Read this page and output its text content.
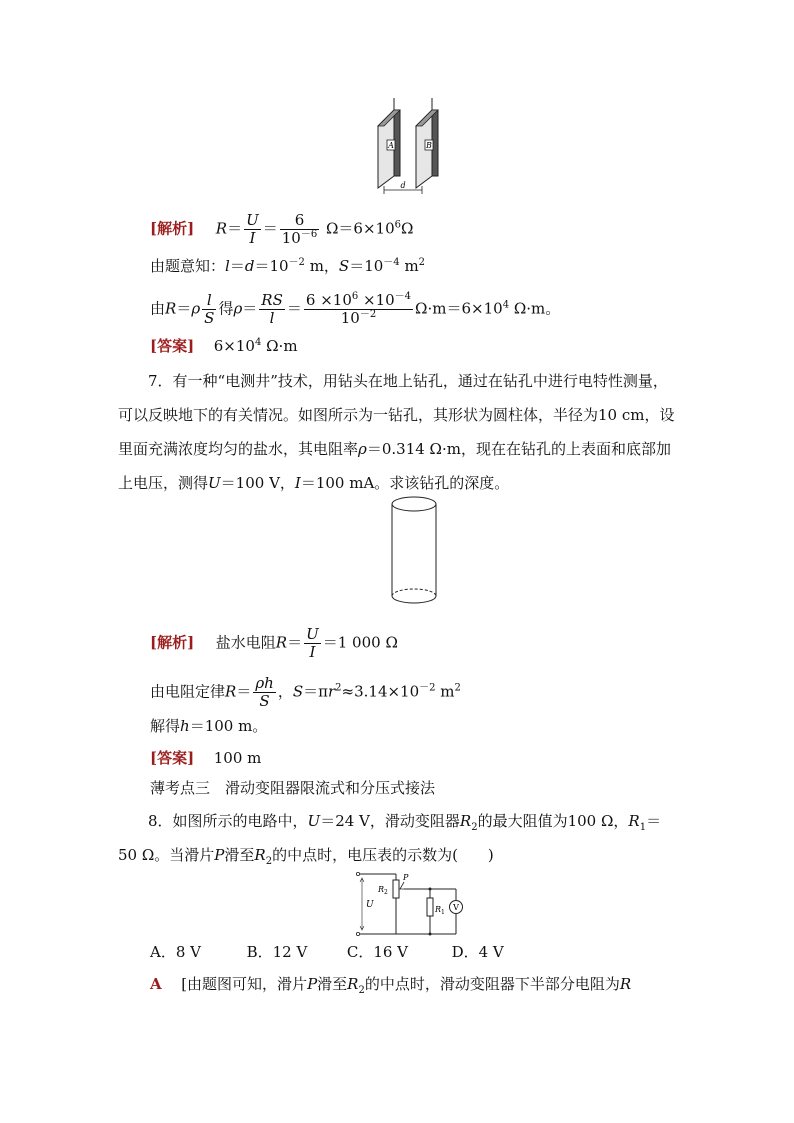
A	B
d
[解析] $R= \frac{U}{I} = \frac{6}{10^{-6}} \Omega=6\times 10^6\Omega$
由题意知：$l=d=10^{-2}$ m，$S=10^{-4}$ $m^2$
由$R=\rho \frac{l}{S}$ 得$\rho= \frac{RS}{l} = \frac{6 \times 10^6 \times 10^{-4}}{10^{-2}} \Omega\cdot m=6\times 10^4$ Ω·m。
[答案] $6\times 10^4$ Ω·m
7．有一种“电测井”技术，用钻头在地上钻孔，通过在钻孔中进行电特性测量，可以反映地下的有关情况。如图所示为一钻孔，其形状为圆柱体，半径为10 cm，设里面充满浓度均匀的盐水，其电阻率ρ＝0.314 Ω·m，现在在钻孔的上表面和底部加上电压，测得U＝100 V，I＝100 mA。求该钻孔的深度。
[解析] 盐水电阻$R= \frac{U}{I} =1$ 000 Ω
由电阻定律$R= \frac{\rho h}{S}$ ，$S=\pi r^2\approx 3.14\times 10^{-2}$ $m^2$
解得h＝100 m。
[答案] 100 m
薄考点三　滑动变阻器限流式和分压式接法
8．如图所示的电路中，U＝24 V，滑动变阻器$R_2$的最大阻值为100 Ω，$R_1=50$ Ω。当滑片P滑至$R_2$的中点时，电压表的示数为(　　)
U
$R_2$
P
$R_1$
V
A．8 V	B．12 V	C．16 V	D．4 V
A [由题图可知，滑片P滑至$R_2$的中点时，滑动变阻器下半部分电阻为R
